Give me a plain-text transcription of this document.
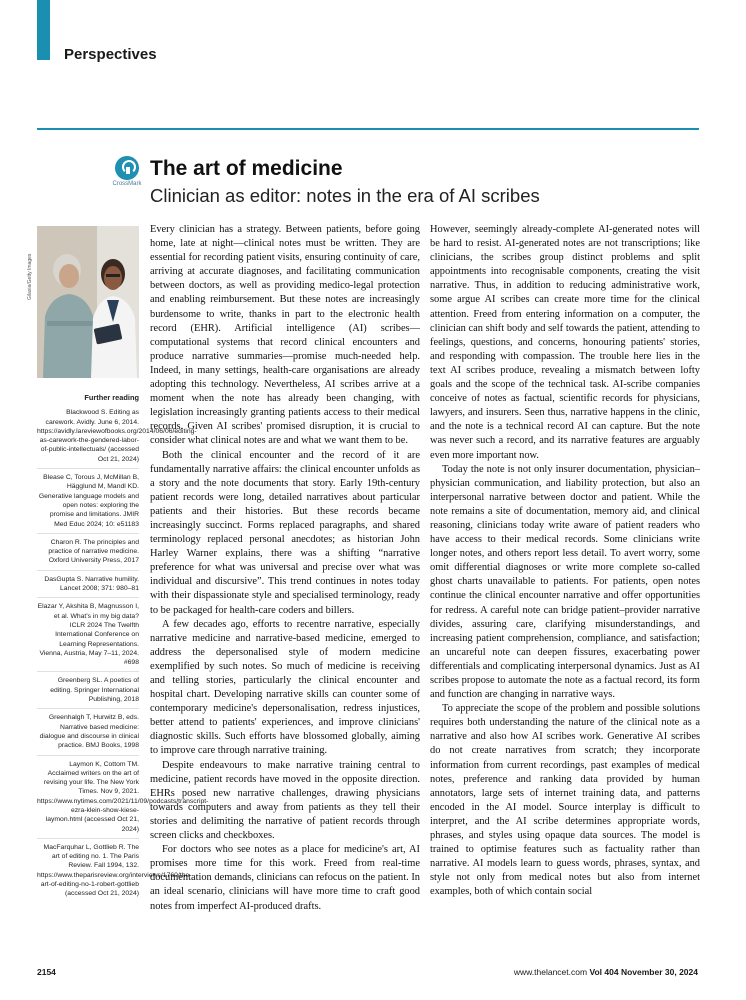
Perspectives
CrossMark
The art of medicine
Clinician as editor: notes in the era of AI scribes
Gilaxia/Getty Images
Further reading
Blackwood S. Editing as carework. Avidly. June 6, 2014. https://avidly.lareviewofbooks.org/2014/06/06/editing-as-carework-the-gendered-labor-of-public-intellectuals/ (accessed Oct 21, 2024)
Blease C, Torous J, McMillan B, Hägglund M, Mandl KD. Generative language models and open notes: exploring the promise and limitations. JMIR Med Educ 2024; 10: e51183
Charon R. The principles and practice of narrative medicine. Oxford University Press, 2017
DasGupta S. Narrative humility. Lancet 2008; 371: 980–81
Elazar Y, Akshita B, Magnusson I, et al. What's in my big data? ICLR 2024 The Twelfth International Conference on Learning Representations. Vienna, Austria, May 7–11, 2024. #698
Greenberg SL. A poetics of editing. Springer International Publishing, 2018
Greenhalgh T, Hurwitz B, eds. Narrative based medicine: dialogue and discourse in clinical practice. BMJ Books, 1998
Laymon K, Cottom TM. Acclaimed writers on the art of revising your life. The New York Times. Nov 9, 2021. https://www.nytimes.com/2021/11/09/podcasts/transcript-ezra-klein-show-kiese-laymon.html (accessed Oct 21, 2024)
MacFarquhar L, Gottlieb R. The art of editing no. 1. The Paris Review. Fall 1994, 132. https://www.theparisreview.org/interviews/1760/the-art-of-editing-no-1-robert-gottlieb (accessed Oct 21, 2024)

Every clinician has a strategy. Between patients, before going home, late at night—clinical notes must be written. They are essential for recording patient visits, ensuring continuity of care, arriving at accurate diagnoses, and facilitating communication between doctors, as well as providing medico-legal protection and enabling reimbursement. But these notes are increasingly burdensome to write, thanks in part to the electronic health record (EHR). Artificial intelligence (AI) scribes—computational systems that record clinical encounters and produce narrative summaries—promise much-needed help. Indeed, in many settings, health-care organisations are already adopting this technology. Nevertheless, AI scribes arrive at a moment when the note has already been changing, with legislation increasingly granting patients access to their medical records. Given AI scribes' promised disruption, it is crucial to consider what clinical notes are and what we want them to be.

Both the clinical encounter and the record of it are fundamentally narrative affairs: the clinical encounter unfolds as a story and the note documents that story. Early 19th-century patient records were long, detailed narratives about particular patients and their histories. But these records became increasingly succinct. Forms replaced paragraphs, and shared terminology replaced personal anecdotes; as historian John Harley Warner explains, there was a shifting “narrative preference for what was universal and precise over what was individual and discursive”. This trend continues in notes today with their dispassionate style and specialised terminology, ready to be packaged for health-care coders and billers.

A few decades ago, efforts to recentre narrative, especially narrative medicine and narrative-based medicine, emerged to address the depersonalised style of modern medicine exemplified by such notes. So much of medicine is receiving and telling stories, particularly the clinical encounter and hospital chart. Developing narrative skills can counter some of contemporary medicine's depersonalisation, redress injustices, better attend to patients' experiences, and improve clinicians' diagnostic skills. Such efforts have blossomed globally, aiming to improve care through narrative training.

Despite endeavours to make narrative training central to medicine, patient records have moved in the opposite direction. EHRs posed new narrative challenges, drawing physicians towards computers and away from patients as they tell their stories and delimiting the narrative of patient records through screen clicks and checkboxes.

For doctors who see notes as a place for medicine's art, AI promises more time for this work. Freed from real-time documentation demands, clinicians can refocus on the patient. In an ideal scenario, clinicians will have more time to craft good notes from imperfect AI-produced drafts.

However, seemingly already-complete AI-generated notes will be hard to resist. AI-generated notes are not transcriptions; like clinicians, the scribes group distinct problems and split appointments into recognisable components, creating the visit narrative. Thus, in addition to reducing administrative work, some argue AI scribes can create more time for the clinical attention. Freed from entering information on a computer, the clinician can shift body and self towards the patient, attending to feelings, questions, and concerns, honouring patients' stories, and responding with compassion. The trouble here lies in the text AI scribes produce, revealing a mismatch between lofty goals and the scope of the technical task. AI-scribe companies conceive of notes as factual, scientific records for physicians, lawyers, and insurers. Seen thus, narrative happens in the clinic, and the note is a technical record AI can capture. But the note was never such a record, and its narrative features are arguably even more important now.

Today the note is not only insurer documentation, physician–physician communication, and liability protection, but also an interpersonal narrative between doctor and patient. While the note remains a site of documentation, memory aid, and clinical reasoning, clinicians today write aware of patient readers who have access to their medical records. Some clinicians write longer notes, and others report less detail. To avert worry, some omit differential diagnoses or write more complete so-called ghost charts unavailable to patients. For patients, open notes continue the clinical encounter narrative and offer opportunities for redress. A careful note can bridge patient–provider narrative divides, assuring care, clarifying misunderstandings, and increasing patient comprehension, compliance, and satisfaction; an uncareful note can deepen fissures, exacerbating power differentials and complicating interpersonal dynamics. Just as AI scribes propose to automate the note as a factual record, its form and function are changing in narrative ways.

To appreciate the scope of the problem and possible solutions requires both understanding the nature of the clinical note as a narrative and also how AI scribes work. Generative AI scribes do not create narratives from scratch; they incorporate information from current recordings, past examples of medical notes, preference and ranking data provided by human annotators, large sets of internet training data, and patterns encoded in the AI model. Source interplay is difficult to interpret, and the AI scribe determines appropriate words, phrases, and styles using opaque data sources. The model is trained to optimise features such as factuality rather than narrative. AI models learn to guess words, phrases, syntax, and style not only from medical notes but also from internet examples, both of which contain social

2154	www.thelancet.com Vol 404 November 30, 2024
